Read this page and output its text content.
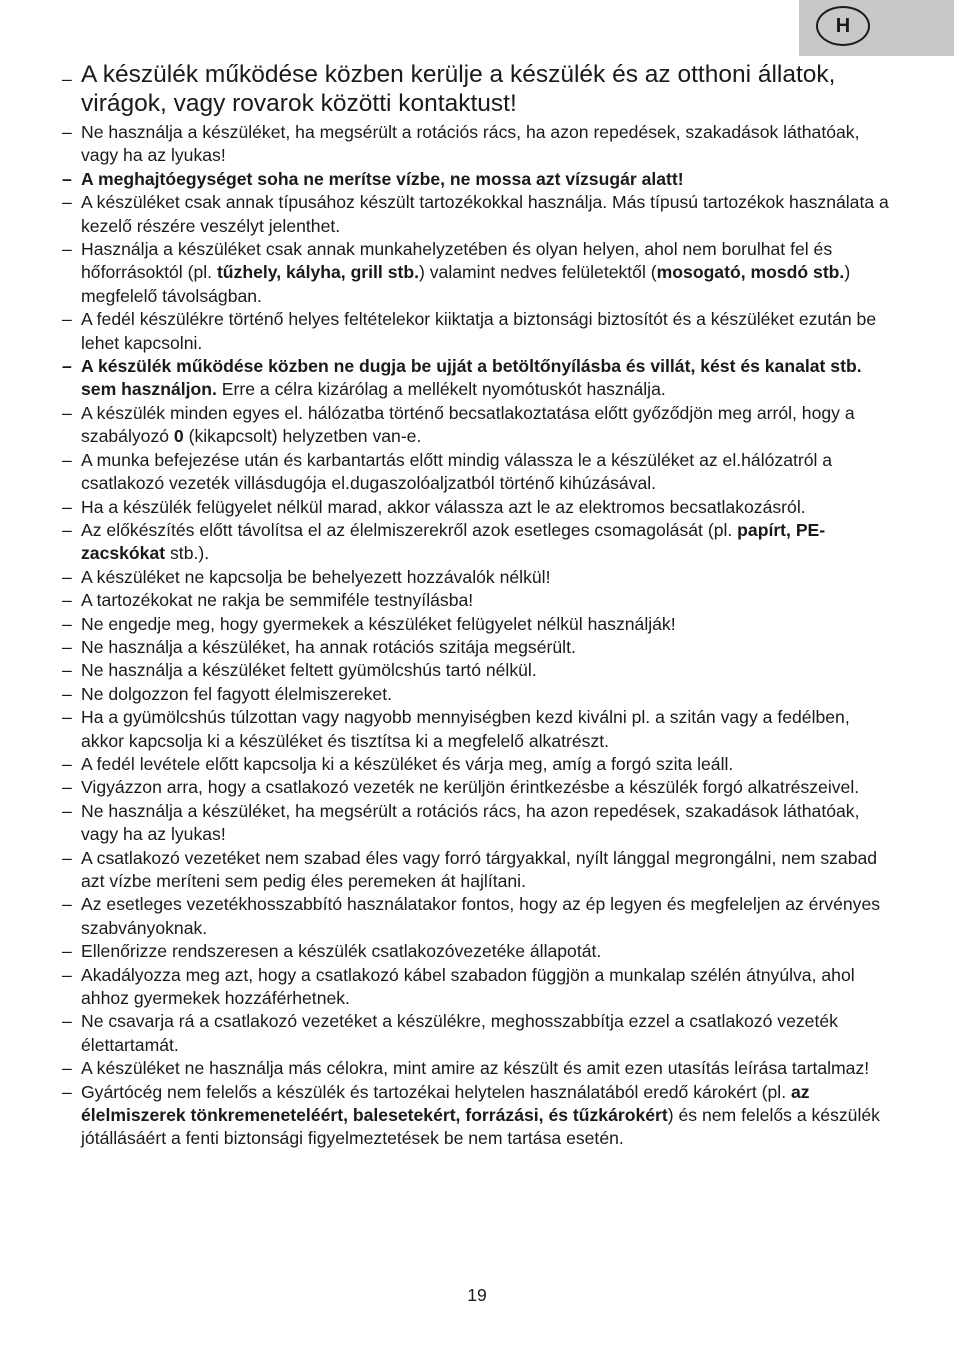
H
– A készülék működése közben kerülje a készülék és az otthoni állatok, virágok, vagy rovarok közötti kontaktust!
– Ne használja a készüléket, ha megsérült a rotációs rács, ha azon repedések, szakadások láthatóak, vagy ha az lyukas!
– A meghajtóegységet soha ne merítse vízbe, ne mossa azt vízsugár alatt!
– A készüléket csak annak típusához készült tartozékokkal használja. Más típusú tartozékok használata a kezelő részére veszélyt jelenthet.
– Használja a készüléket csak annak munkahelyzetében és olyan helyen, ahol nem borulhat fel és hőforrásoktól (pl. tűzhely, kályha, grill stb.) valamint nedves felületektől (mosogató, mosdó stb.) megfelelő távolságban.
– A fedél készülékre történő helyes feltételekor kiiktatja a biztonsági biztosítót és a készüléket ezután be lehet kapcsolni.
– A készülék működése közben ne dugja be ujját a betöltőnyílásba és villát, kést és kanalat stb. sem használjon. Erre a célra kizárólag a mellékelt nyomótuskót használja.
– A készülék minden egyes el. hálózatba történő becsatlakoztatása előtt győződjön meg arról, hogy a szabályozó 0 (kikapcsolt) helyzetben van-e.
– A munka befejezése után és karbantartás előtt mindig válassza le a készüléket az el.hálózatról a csatlakozó vezeték villásdugója el.dugaszolóaljzatból történő kihúzásával.
– Ha a készülék felügyelet nélkül marad, akkor válassza azt le az elektromos becsatlakozásról.
– Az előkészítés előtt távolítsa el az élelmiszerekről azok esetleges csomagolását (pl. papírt, PE- zacskókat stb.).
– A készüléket ne kapcsolja be behelyezett hozzávalók nélkül!
– A tartozékokat ne rakja be semmiféle testnyílásba!
– Ne engedje meg, hogy gyermekek a készüléket felügyelet nélkül használják!
– Ne használja a készüléket, ha annak rotációs szitája megsérült.
– Ne használja a készüléket feltett gyümölcshús tartó nélkül.
– Ne dolgozzon fel fagyott élelmiszereket.
– Ha a gyümölcshús túlzottan vagy nagyobb mennyiségben kezd kiválni pl. a szitán vagy a fedélben, akkor kapcsolja ki a készüléket és tisztítsa ki a megfelelő alkatrészt.
– A fedél levétele előtt kapcsolja ki a készüléket és várja meg, amíg a forgó szita leáll.
– Vigyázzon arra, hogy a csatlakozó vezeték ne kerüljön érintkezésbe a készülék forgó alkatrészeivel.
– Ne használja a készüléket, ha megsérült a rotációs rács, ha azon repedések, szakadások láthatóak, vagy ha az lyukas!
– A csatlakozó vezetéket nem szabad éles vagy forró tárgyakkal, nyílt lánggal megrongálni, nem szabad azt vízbe meríteni sem pedig éles peremeken át hajlítani.
– Az esetleges vezetékhosszabbító használatakor fontos, hogy az ép legyen és megfeleljen az érvényes szabványoknak.
– Ellenőrizze rendszeresen a készülék csatlakozóvezetéke állapotát.
– Akadályozza meg azt, hogy a csatlakozó kábel szabadon függjön a munkalap szélén átnyúlva, ahol ahhoz gyermekek hozzáférhetnek.
– Ne csavarja rá a csatlakozó vezetéket a készülékre, meghosszabbítja ezzel a csatlakozó vezeték élettartamát.
– A készüléket ne használja más célokra, mint amire az készült és amit ezen utasítás leírása tartalmaz!
– Gyártócég nem felelős a készülék és tartozékai helytelen használatából eredő károkért (pl. az élelmiszerek tönkremeneteléért, balesetekért, forrázási, és tűzkárokért) és nem felelős a készülék jótállásáért a fenti biztonsági figyelmeztetések be nem tartása esetén.
19
